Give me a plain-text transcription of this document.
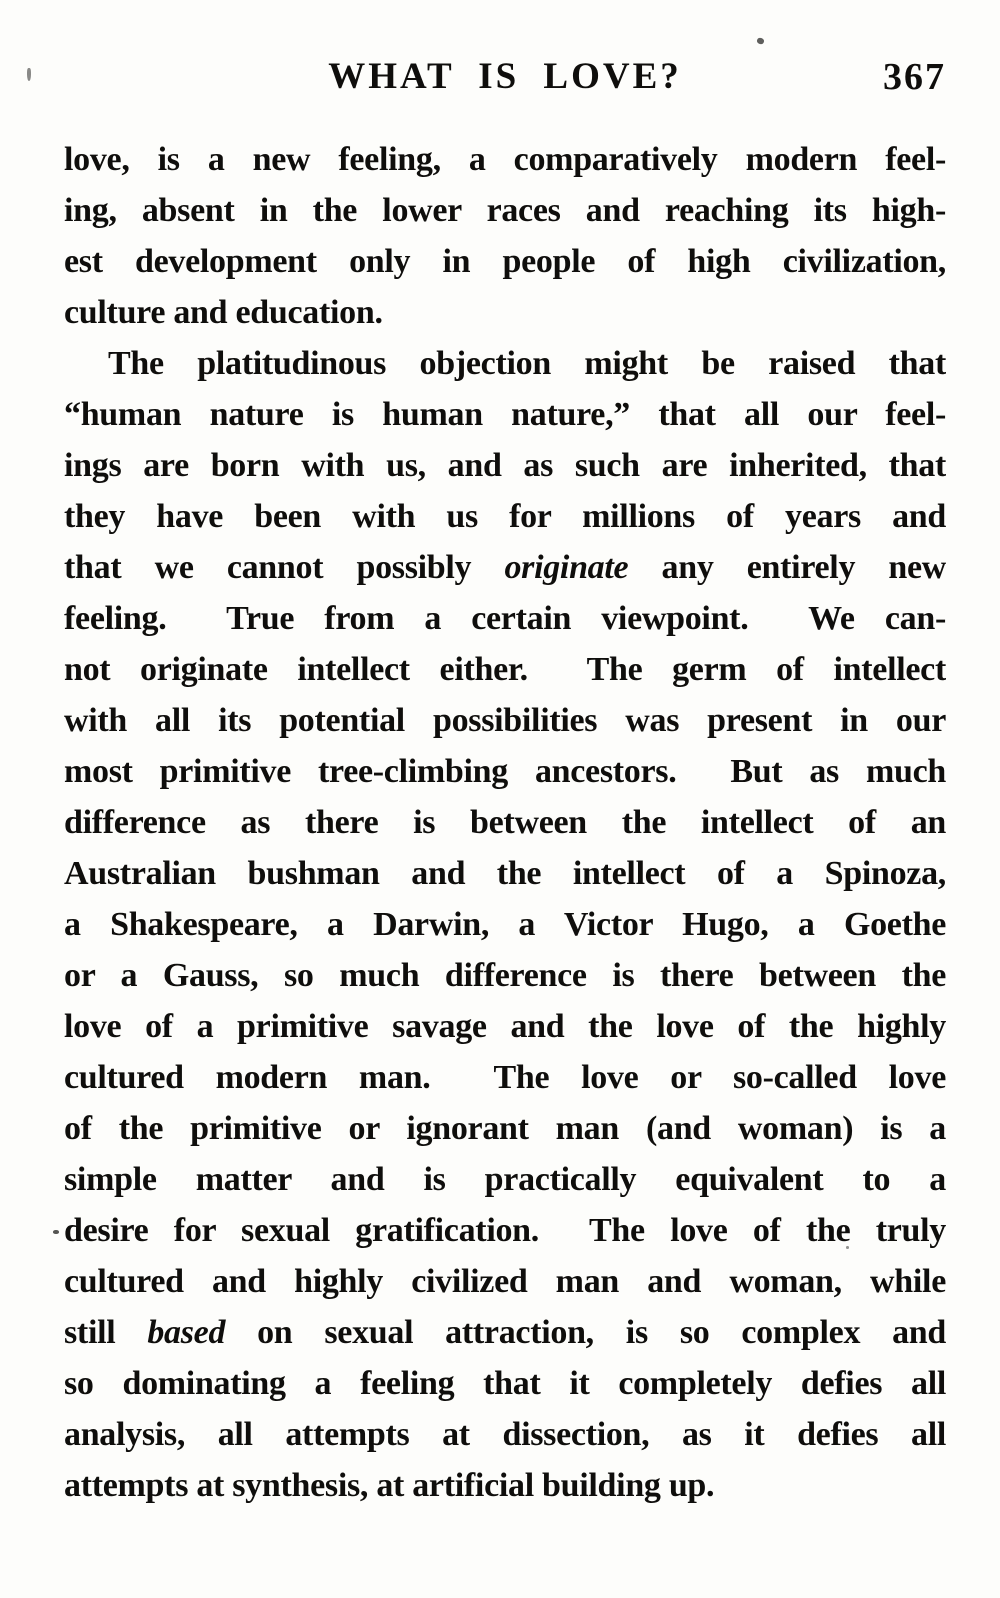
WHAT IS LOVE?	367
love, is a new feeling, a comparatively modern feel-
ing, absent in the lower races and reaching its high-
est development only in people of high civilization,
culture and education.
The platitudinous objection might be raised that
“human nature is human nature,” that all our feel-
ings are born with us, and as such are inherited, that
they have been with us for millions of years and
that we cannot possibly originate any entirely new
feeling.  True from a certain viewpoint.  We can-
not originate intellect either.  The germ of intellect
with all its potential possibilities was present in our
most primitive tree-climbing ancestors.  But as much
difference as there is between the intellect of an
Australian bushman and the intellect of a Spinoza,
a Shakespeare, a Darwin, a Victor Hugo, a Goethe
or a Gauss, so much difference is there between the
love of a primitive savage and the love of the highly
cultured modern man.  The love or so-called love
of the primitive or ignorant man (and woman) is a
simple matter and is practically equivalent to a
desire for sexual gratification.  The love of the truly
cultured and highly civilized man and woman, while
still based on sexual attraction, is so complex and
so dominating a feeling that it completely defies all
analysis, all attempts at dissection, as it defies all
attempts at synthesis, at artificial building up.
